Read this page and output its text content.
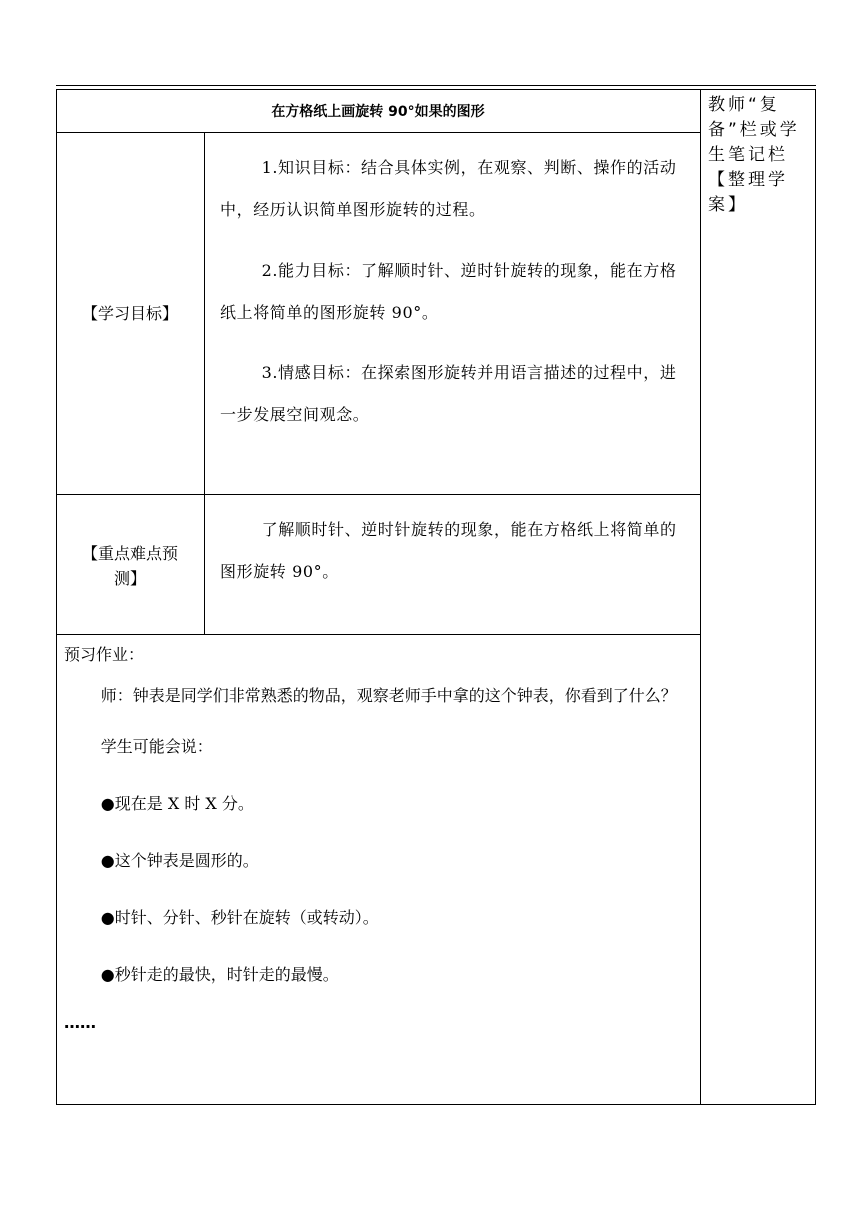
在方格纸上画旋转 90°如果的图形	教师“复备”栏或学生笔记栏【整理学案】
【学习目标】
1.知识目标：结合具体实例，在观察、判断、操作的活动中，经历认识简单图形旋转的过程。
2.能力目标：了解顺时针、逆时针旋转的现象，能在方格纸上将简单的图形旋转 90°。
3.情感目标：在探索图形旋转并用语言描述的过程中，进一步发展空间观念。
【重点难点预测】
了解顺时针、逆时针旋转的现象，能在方格纸上将简单的图形旋转 90°。

预习作业：

师：钟表是同学们非常熟悉的物品，观察老师手中拿的这个钟表，你看到了什么？

学生可能会说：

●现在是 X 时 X 分。

●这个钟表是圆形的。

●时针、分针、秒针在旋转（或转动）。

●秒针走的最快，时针走的最慢。

……
